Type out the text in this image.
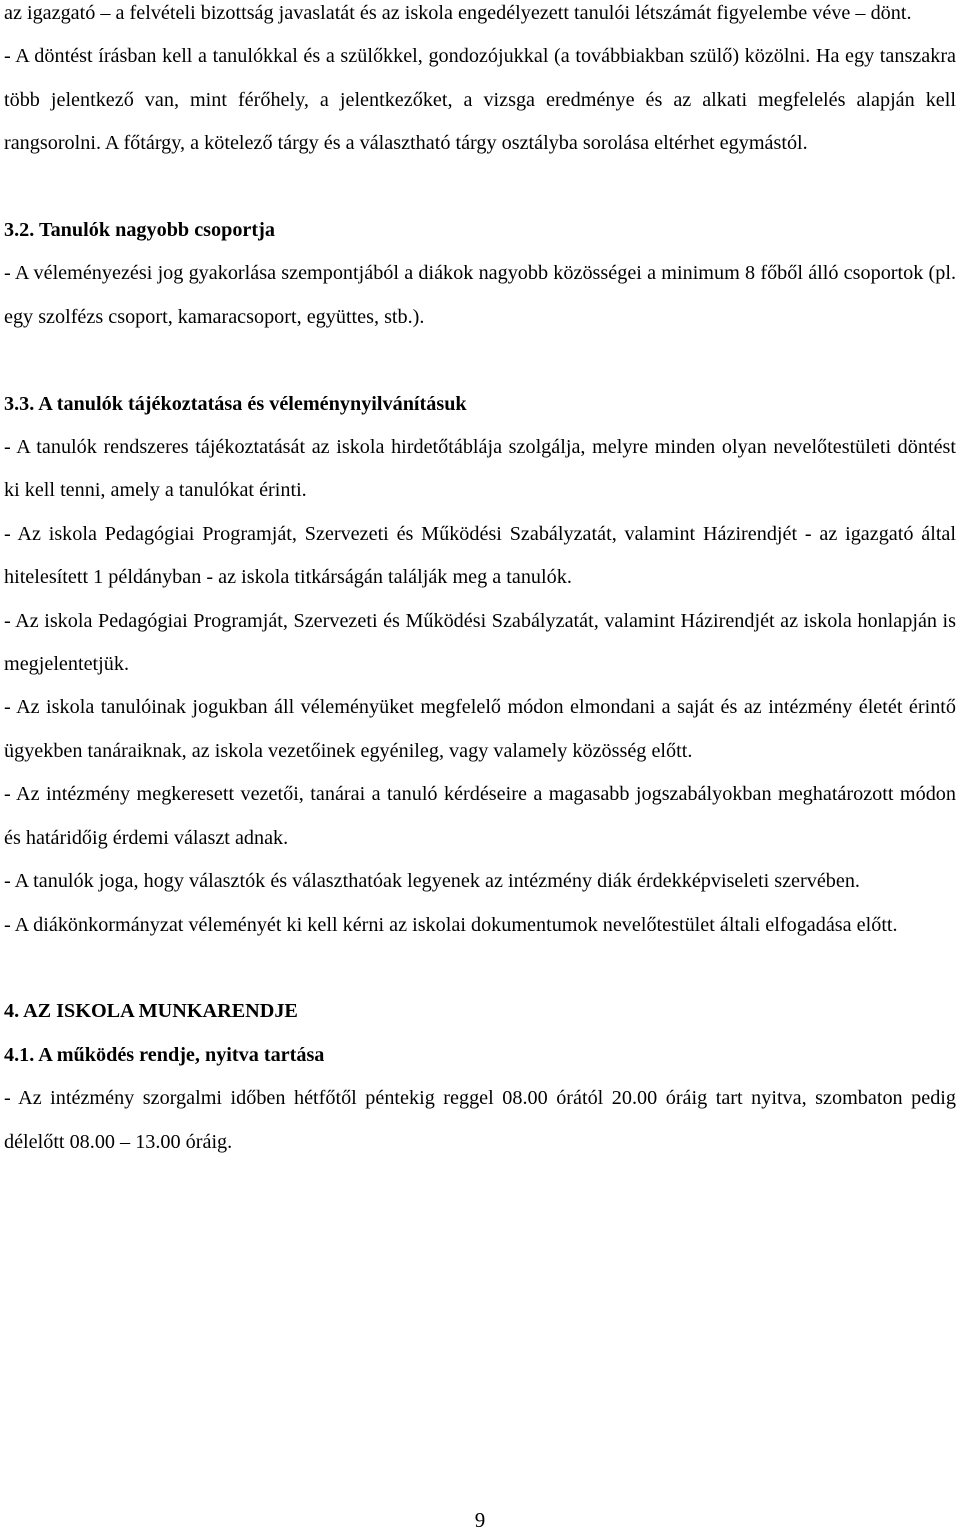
az igazgató – a felvételi bizottság javaslatát és az iskola engedélyezett tanulói létszámát figyelembe véve – dönt.

- A döntést írásban kell a tanulókkal és a szülőkkel, gondozójukkal (a továbbiakban szülő) közölni. Ha egy tanszakra több jelentkező van, mint férőhely, a jelentkezőket, a vizsga eredménye és az alkati megfelelés alapján kell rangsorolni. A főtárgy, a kötelező tárgy és a választható tárgy osztályba sorolása eltérhet egymástól.

3.2. Tanulók nagyobb csoportja

- A véleményezési jog gyakorlása szempontjából a diákok nagyobb közösségei a minimum 8 főből álló csoportok (pl. egy szolfézs csoport, kamaracsoport, együttes, stb.).

3.3. A tanulók tájékoztatása és véleménynyilvánításuk

- A tanulók rendszeres tájékoztatását az iskola hirdetőtáblája szolgálja, melyre minden olyan nevelőtestületi döntést ki kell tenni, amely a tanulókat érinti.

- Az iskola Pedagógiai Programját, Szervezeti és Működési Szabályzatát, valamint Házirendjét - az igazgató által hitelesített 1 példányban - az iskola titkárságán találják meg a tanulók.

- Az iskola Pedagógiai Programját, Szervezeti és Működési Szabályzatát, valamint Házirendjét az iskola honlapján is megjelentetjük.

- Az iskola tanulóinak jogukban áll véleményüket megfelelő módon elmondani a saját és az intézmény életét érintő ügyekben tanáraiknak, az iskola vezetőinek egyénileg, vagy valamely közösség előtt.

- Az intézmény megkeresett vezetői, tanárai a tanuló kérdéseire a magasabb jogszabályokban meghatározott módon és határidőig érdemi választ adnak.

- A tanulók joga, hogy választók és választhatóak legyenek az intézmény diák érdekképviseleti szervében.

- A diákönkormányzat véleményét ki kell kérni az iskolai dokumentumok nevelőtestület általi elfogadása előtt.

4. AZ ISKOLA MUNKARENDJE
4.1. A működés rendje, nyitva tartása

- Az intézmény szorgalmi időben hétfőtől péntekig reggel 08.00 órától 20.00 óráig tart nyitva, szombaton pedig délelőtt 08.00 – 13.00 óráig.

9
